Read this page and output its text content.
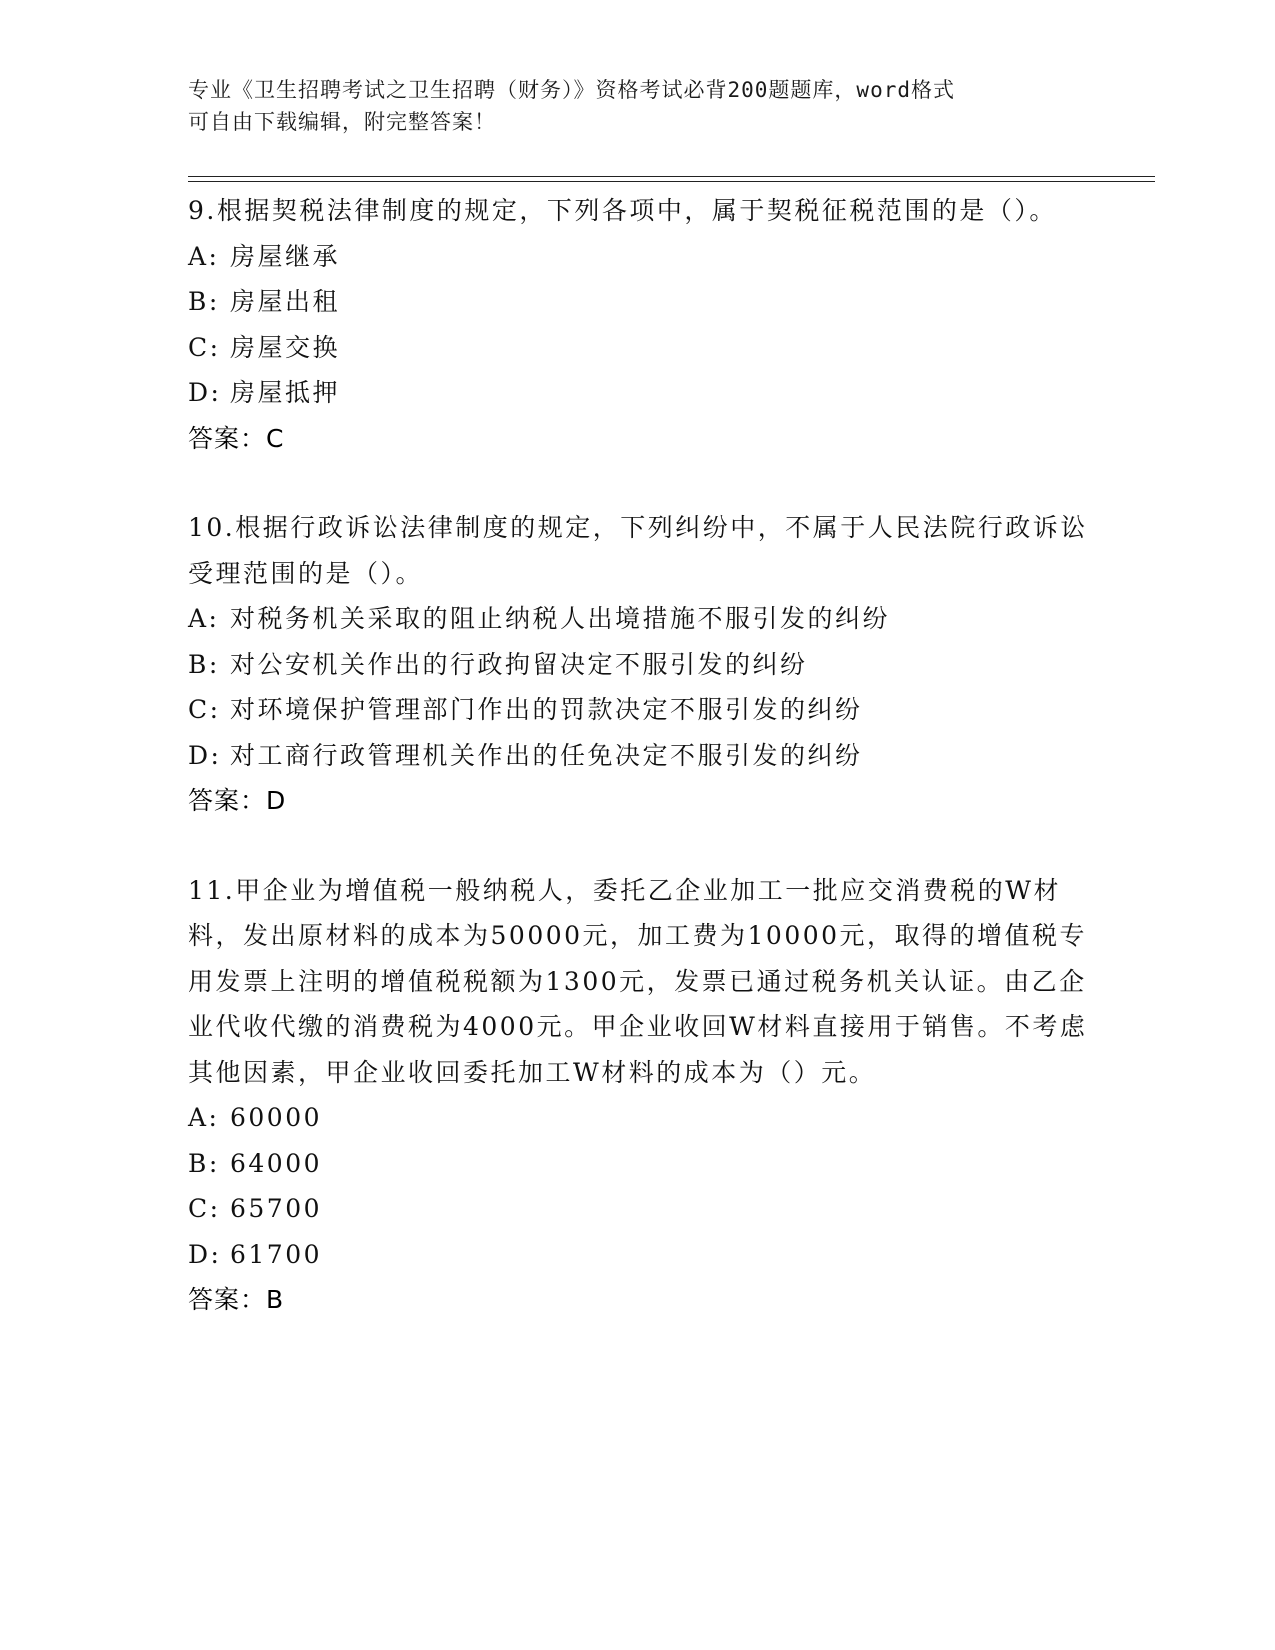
专业《卫生招聘考试之卫生招聘（财务）》资格考试必背200题题库，word格式
可自由下载编辑，附完整答案！

9.根据契税法律制度的规定，下列各项中，属于契税征税范围的是（）。

A: 房屋继承
B: 房屋出租
C: 房屋交换
D: 房屋抵押

答案：C

10.根据行政诉讼法律制度的规定，下列纠纷中，不属于人民法院行政诉讼受理范围的是（）。

A: 对税务机关采取的阻止纳税人出境措施不服引发的纠纷
B: 对公安机关作出的行政拘留决定不服引发的纠纷
C: 对环境保护管理部门作出的罚款决定不服引发的纠纷
D: 对工商行政管理机关作出的任免决定不服引发的纠纷

答案：D

11.甲企业为增值税一般纳税人，委托乙企业加工一批应交消费税的W材料，发出原材料的成本为50000元，加工费为10000元，取得的增值税专用发票上注明的增值税税额为1300元，发票已通过税务机关认证。由乙企业代收代缴的消费税为4000元。甲企业收回W材料直接用于销售。不考虑其他因素，甲企业收回委托加工W材料的成本为（）元。

A: 60000
B: 64000
C: 65700
D: 61700

答案：B
